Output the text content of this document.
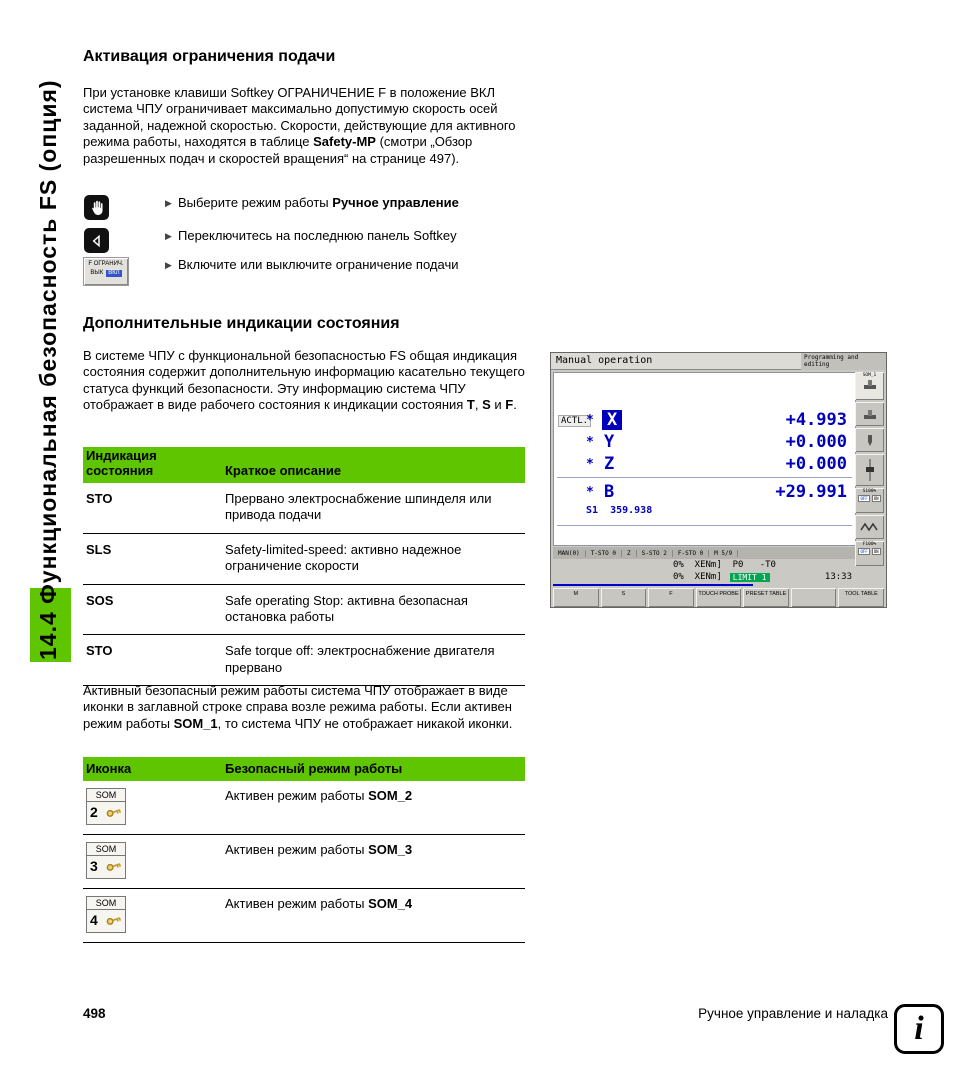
14.4 Функциональная безопасность FS (опция)
Активация ограничения подачи
При установке клавиши Softkey ОГРАНИЧЕНИЕ F в положение ВКЛ система ЧПУ ограничивает максимально допустимую скорость осей заданной, надежной скоростью. Скорости, действующие для активного режима работы, находятся в таблице Safety-MP (смотри „Обзор разрешенных подач и скоростей вращения“ на странице 497).
▶ Выберите режим работы Ручное управление
▶ Переключитесь на последнюю панель Softkey
F ОГРАНИЧ.
ВЫК ВКЛ
▶ Включите или выключите ограничение подачи
Дополнительные индикации состояния
В системе ЧПУ с функциональной безопасностью FS общая индикация состояния содержит дополнительную информацию касательно текущего статуса функций безопасности. Эту информацию система ЧПУ отображает в виде рабочего состояния к индикации состояния T, S и F.
Индикация состояния	Краткое описание
STO	Прервано электроснабжение шпинделя или привода подачи
SLS	Safety-limited-speed: активно надежное ограничение скорости
SOS	Safe operating Stop: активна безопасная остановка работы
STO	Safe torque off: электроснабжение двигателя прервано
Активный безопасный режим работы система ЧПУ отображает в виде иконки в заглавной строке справа возле режима работы. Если активен режим работы SOM_1, то система ЧПУ не отображает никакой иконки.
Иконка	Безопасный режим работы
SOM
2
Активен режим работы SOM_2
SOM
3
Активен режим работы SOM_3
SOM
4
Активен режим работы SOM_4
Manual operation	Programming and editing
ACTL.
* X	+4.993
* Y	+0.000
* Z	+0.000
* B	+29.991
S1  359.938
MAN(0)	T-STO 0	Z	S-STO 2	F-STO 0	M 5/9
0%  XENm]  P0   -T0
0%  XENm]	LIMIT 1	13:33
M	S	F	TOUCH PROBE	PRESET TABLE	TOOL TABLE
SOM_1
S100%
OFF	ON
F100%
OFF	ON
498	Ручное управление и наладка i
